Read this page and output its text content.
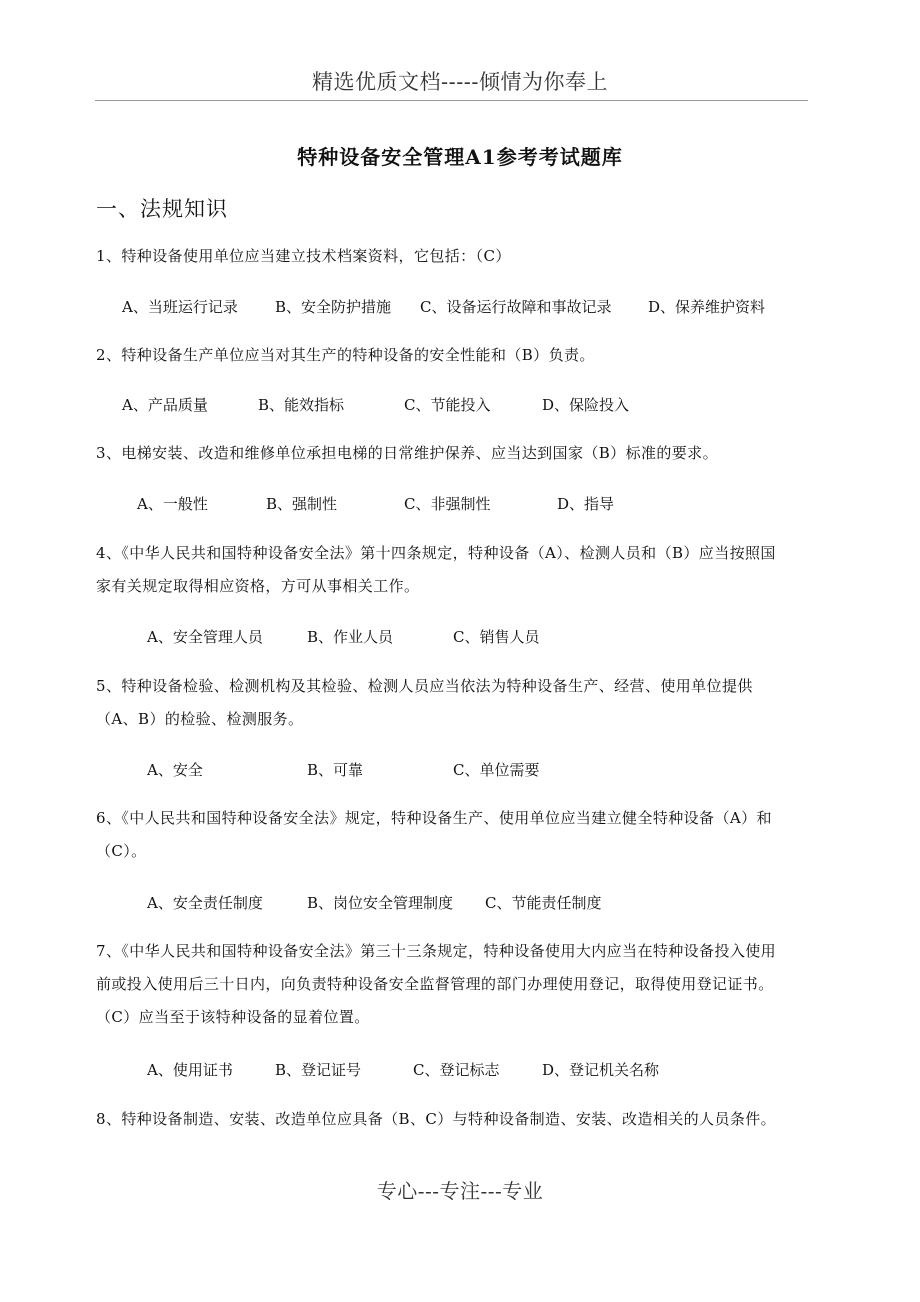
精选优质文档-----倾情为你奉上
特种设备安全管理A1参考考试题库
一、法规知识
1、特种设备使用单位应当建立技术档案资料，它包括：（C）
A、当班运行记录 B、安全防护措施 C、设备运行故障和事故记录 D、保养维护资料
2、特种设备生产单位应当对其生产的特种设备的安全性能和（B）负责。
A、产品质量	B、能效指标	C、节能投入	D、保险投入
3、电梯安装、改造和维修单位承担电梯的日常维护保养、应当达到国家（B）标准的要求。
A、一般性	B、强制性	C、非强制性	D、指导
4、《中华人民共和国特种设备安全法》第十四条规定，特种设备（A）、检测人员和（B）应当按照国
家有关规定取得相应资格，方可从事相关工作。
A、安全管理人员	B、作业人员	C、销售人员
5、特种设备检验、检测机构及其检验、检测人员应当依法为特种设备生产、经营、使用单位提供
（A、B）的检验、检测服务。
A、安全	B、可靠	C、单位需要
6、《中人民共和国特种设备安全法》规定，特种设备生产、使用单位应当建立健全特种设备（A）和
（C）。
A、安全责任制度	B、岗位安全管理制度 C、节能责任制度
7、《中华人民共和国特种设备安全法》第三十三条规定，特种设备使用大内应当在特种设备投入使用
前或投入使用后三十日内，向负责特种设备安全监督管理的部门办理使用登记，取得使用登记证书。
（C）应当至于该特种设备的显着位置。
A、使用证书	B、登记证号	C、登记标志	D、登记机关名称
8、特种设备制造、安装、改造单位应具备（B、C）与特种设备制造、安装、改造相关的人员条件。
专心---专注---专业
